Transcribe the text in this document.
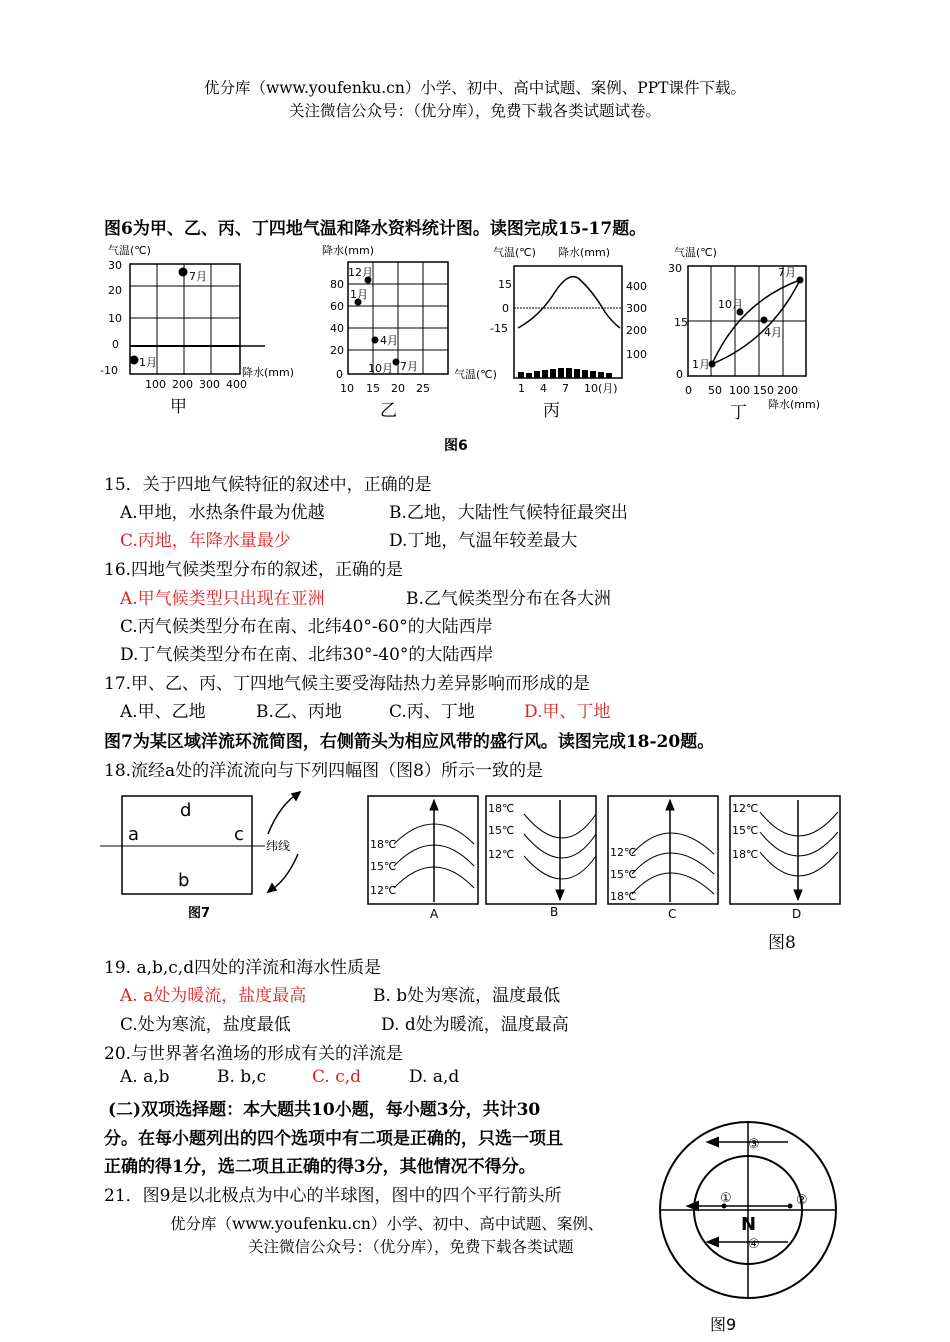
优分库（www.youfenku.cn）小学、初中、高中试题、案例、PPT课件下载。
关注微信公众号：（优分库），免费下载各类试题试卷。
图6为甲、乙、丙、丁四地气温和降水资料统计图。读图完成15-17题。
气温(℃)
30
20
10
0
-10
100 200 300 400
降水(mm)
7月
1月
甲
降水(mm)
80
60
40
20
0
10 15 20 25
气温(℃)
12月
1月
4月
10月 7月
乙
气温(℃) 降水(mm)
15
0
-15
400
300
200
100
1 4 7 10(月)
丙
气温(℃)
30
15
0
0 50 100 150 200
降水(mm)
7月
10月
4月
1月
丁
图6
15．关于四地气候特征的叙述中，正确的是
A.甲地，水热条件最为优越	B.乙地，大陆性气候特征最突出
C.丙地，年降水量最少	D.丁地，气温年较差最大
16.四地气候类型分布的叙述，正确的是
A.甲气候类型只出现在亚洲	B.乙气候类型分布在各大洲
C.丙气候类型分布在南、北纬40°-60°的大陆西岸
D.丁气候类型分布在南、北纬30°-40°的大陆西岸
17.甲、乙、丙、丁四地气候主要受海陆热力差异影响而形成的是
A.甲、乙地	B.乙、丙地	C.丙、丁地	D.甲、丁地
图7为某区域洋流环流简图，右侧箭头为相应风带的盛行风。读图完成18-20题。
18.流经a处的洋流流向与下列四幅图（图8）所示一致的是
d
a	c
b
纬线
图7
18℃
15℃
12℃
18℃
15℃
12℃	12℃
15℃
18℃
12℃
15℃
18℃
A	B	C	D
图8
19. a,b,c,d四处的洋流和海水性质是
A. a处为暖流，盐度最高	B. b处为寒流，温度最低
C.处为寒流，盐度最低	D. d处为暖流，温度最高
20.与世界著名渔场的形成有关的洋流是
A. a,b	B. b,c	C. c,d	D. a,d
(二)双项选择题：本大题共10小题，每小题3分，共计30
分。在每小题列出的四个选项中有二项是正确的，只选一项且
正确的得1分，选二项且正确的得3分，其他情况不得分。
21．图9是以北极点为中心的半球图，图中的四个平行箭头所	①	②
③
④
N
图9
优分库（www.youfenku.cn）小学、初中、高中试题、案例、
关注微信公众号：（优分库），免费下载各类试题
